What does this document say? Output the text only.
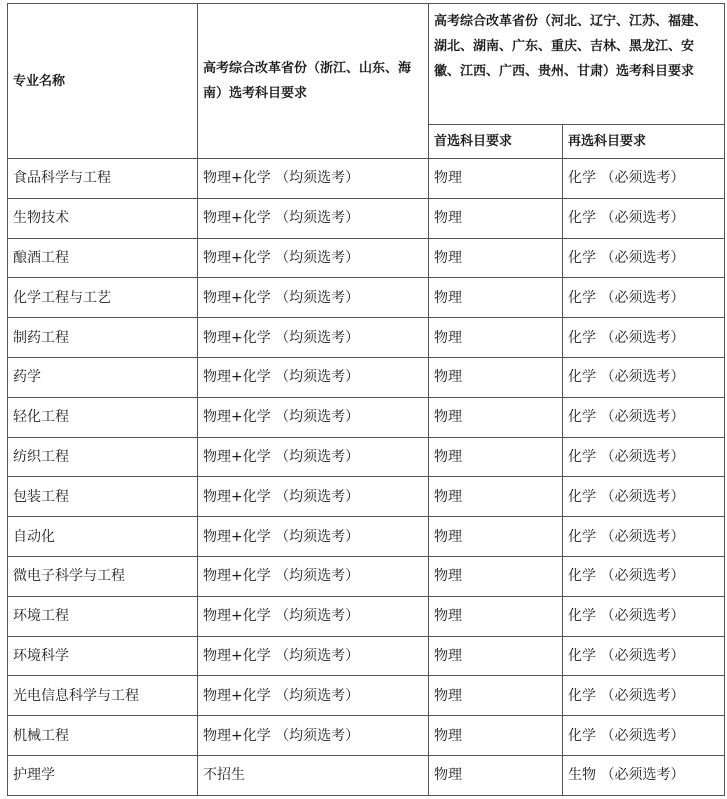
专业名称	高考综合改革省份（浙江、山东、海南）选考科目要求	高考综合改革省份（河北、辽宁、江苏、福建、湖北、湖南、广东、重庆、吉林、黑龙江、安徽、江西、广西、贵州、甘肃）选考科目要求	
		首选科目要求	再选科目要求
食品科学与工程	物理+化学 （均须选考）	物理	化学 （必须选考）
生物技术	物理+化学 （均须选考）	物理	化学 （必须选考）
酿酒工程	物理+化学 （均须选考）	物理	化学 （必须选考）
化学工程与工艺	物理+化学 （均须选考）	物理	化学 （必须选考）
制药工程	物理+化学 （均须选考）	物理	化学 （必须选考）
药学	物理+化学 （均须选考）	物理	化学 （必须选考）
轻化工程	物理+化学 （均须选考）	物理	化学 （必须选考）
纺织工程	物理+化学 （均须选考）	物理	化学 （必须选考）
包装工程	物理+化学 （均须选考）	物理	化学 （必须选考）
自动化	物理+化学 （均须选考）	物理	化学 （必须选考）
微电子科学与工程	物理+化学 （均须选考）	物理	化学 （必须选考）
环境工程	物理+化学 （均须选考）	物理	化学 （必须选考）
环境科学	物理+化学 （均须选考）	物理	化学 （必须选考）
光电信息科学与工程	物理+化学 （均须选考）	物理	化学 （必须选考）
机械工程	物理+化学 （均须选考）	物理	化学 （必须选考）
护理学	不招生	物理	生物 （必须选考）
